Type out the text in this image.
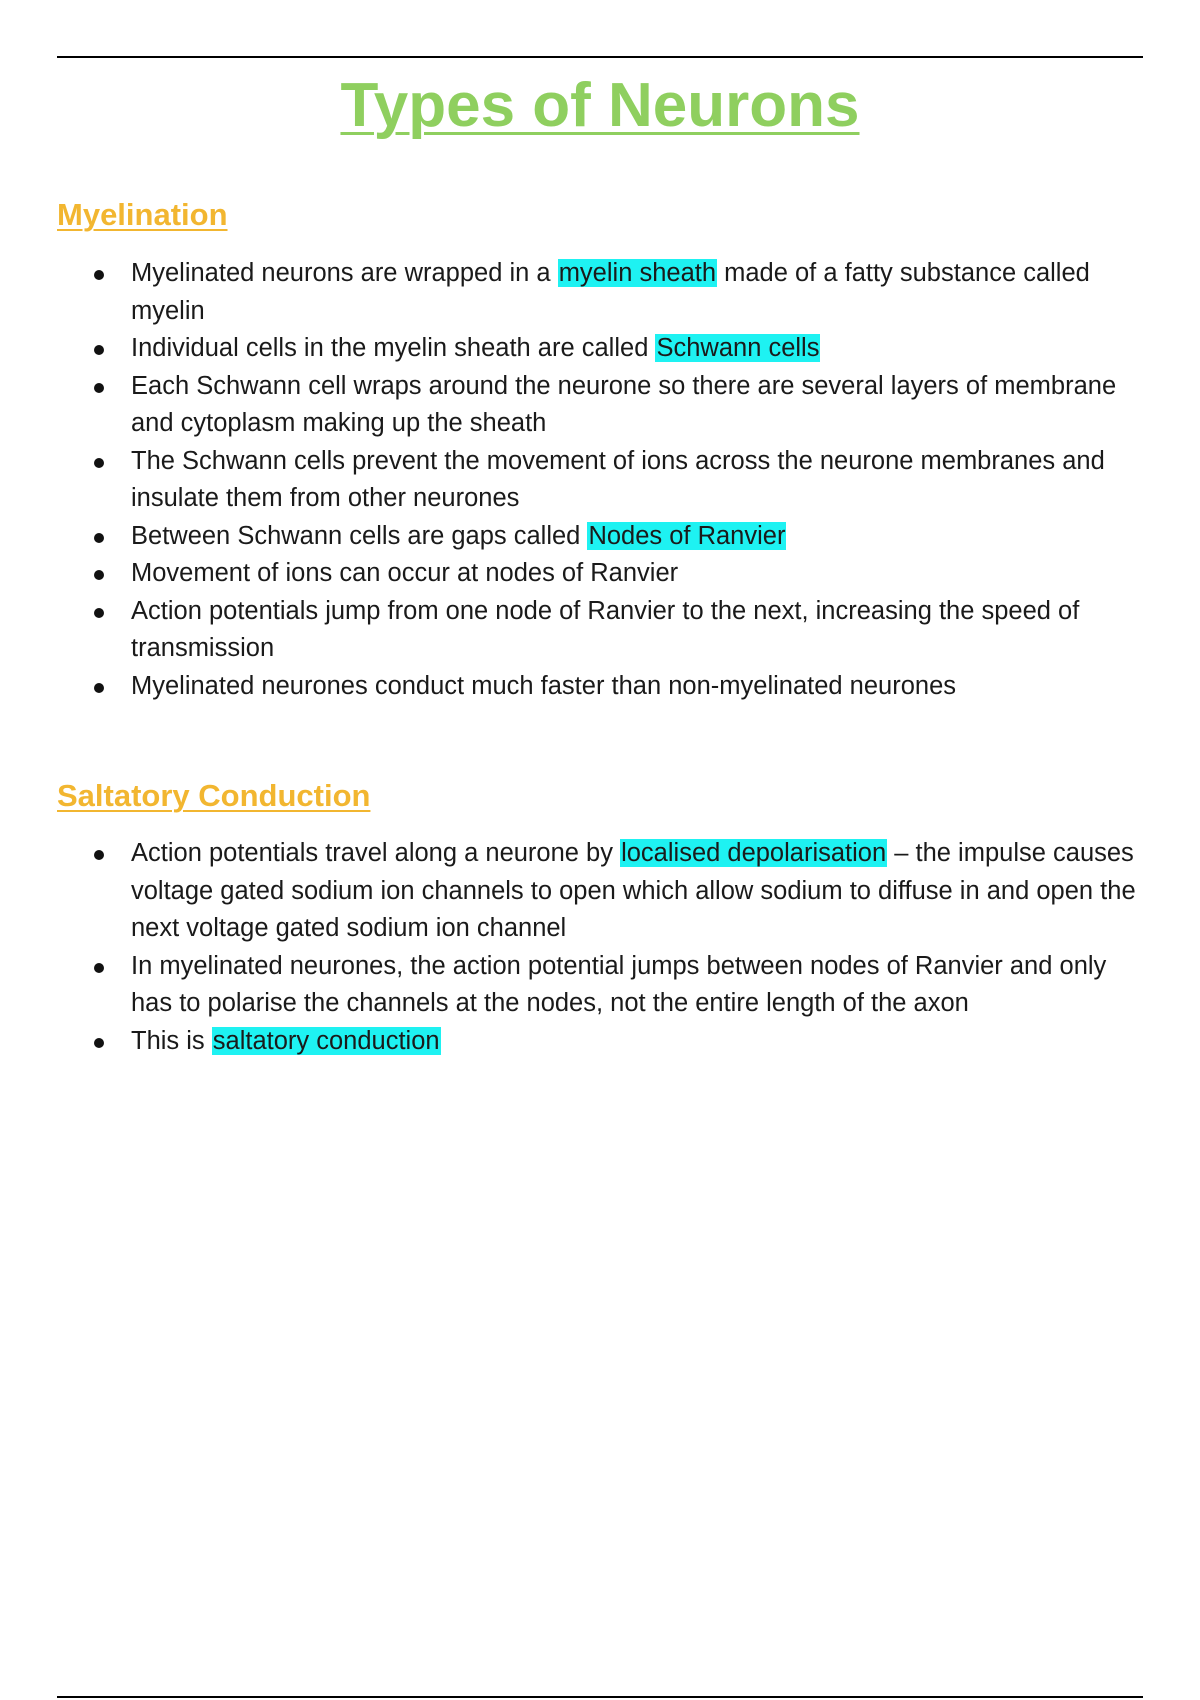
Types of Neurons
Myelination
Myelinated neurons are wrapped in a myelin sheath made of a fatty substance called myelin
Individual cells in the myelin sheath are called Schwann cells
Each Schwann cell wraps around the neurone so there are several layers of membrane and cytoplasm making up the sheath
The Schwann cells prevent the movement of ions across the neurone membranes and insulate them from other neurones
Between Schwann cells are gaps called Nodes of Ranvier
Movement of ions can occur at nodes of Ranvier
Action potentials jump from one node of Ranvier to the next, increasing the speed of transmission
Myelinated neurones conduct much faster than non-myelinated neurones
Saltatory Conduction
Action potentials travel along a neurone by localised depolarisation – the impulse causes voltage gated sodium ion channels to open which allow sodium to diffuse in and open the next voltage gated sodium ion channel
In myelinated neurones, the action potential jumps between nodes of Ranvier and only has to polarise the channels at the nodes, not the entire length of the axon
This is saltatory conduction
